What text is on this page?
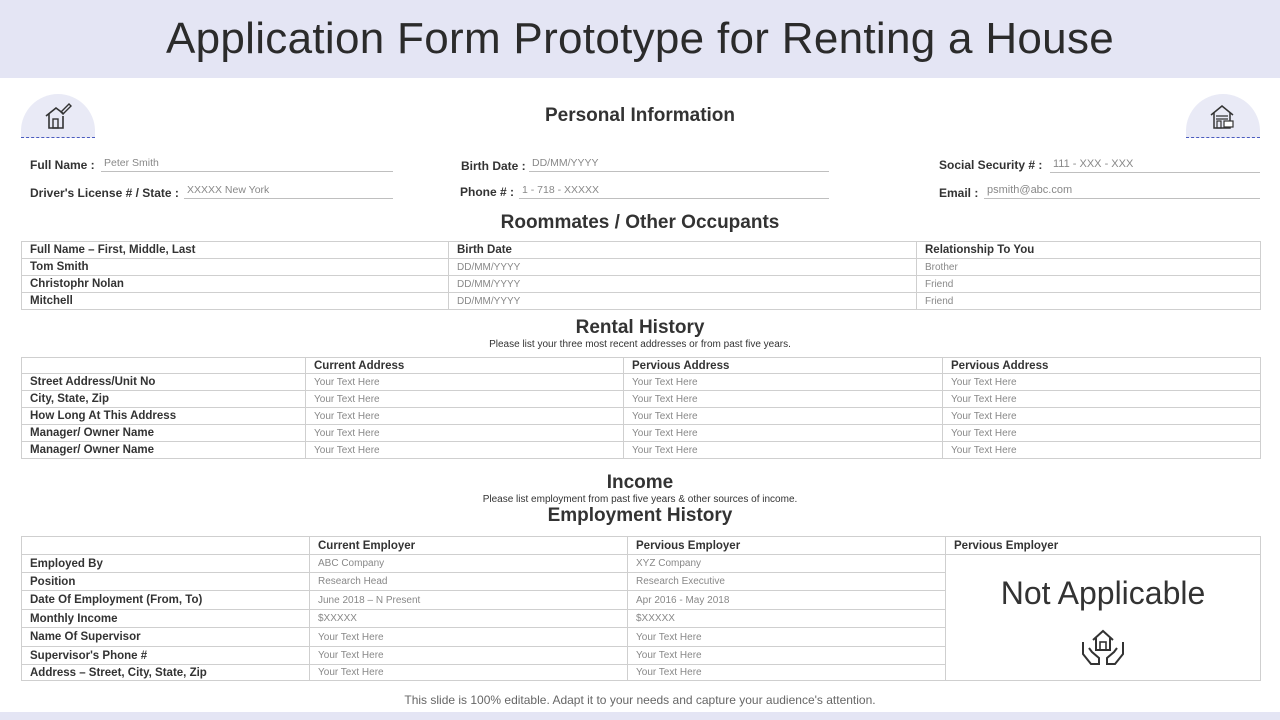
Application Form Prototype for Renting a House
Personal Information
Full Name : Peter Smith
Driver's License # / State : XXXXX New York
Birth Date : DD/MM/YYYY
Phone # : 1 - 718 - XXXXX
Social Security # : 111 - XXX - XXX
Email : psmith@abc.com
Roommates / Other Occupants
Full Name – First, Middle, Last	Birth Date	Relationship To You
Tom Smith	DD/MM/YYYY	Brother
Christophr Nolan	DD/MM/YYYY	Friend
Mitchell	DD/MM/YYYY	Friend
Rental History
Please list your three most recent addresses or from past five years.
	Current Address	Pervious Address	Pervious Address
Street Address/Unit No	Your Text Here	Your Text Here	Your Text Here
City, State, Zip	Your Text Here	Your Text Here	Your Text Here
How Long At This Address	Your Text Here	Your Text Here	Your Text Here
Manager/ Owner Name	Your Text Here	Your Text Here	Your Text Here
Manager/ Owner Name	Your Text Here	Your Text Here	Your Text Here
Income
Please list employment from past five years & other sources of income.
Employment History
	Current Employer	Pervious Employer	Pervious Employer
Employed By	ABC Company	XYZ Company	Not Applicable

Position	Research Head	Research Executive	
Date Of Employment (From, To)	June 2018 – N Present	Apr 2016 - May 2018	
Monthly Income	$XXXXX	$XXXXX	
Name Of Supervisor	Your Text Here	Your Text Here	
Supervisor's Phone #	Your Text Here	Your Text Here	
Address – Street, City, State, Zip	Your Text Here	Your Text Here	
This slide is 100% editable. Adapt it to your needs and capture your audience's attention.
